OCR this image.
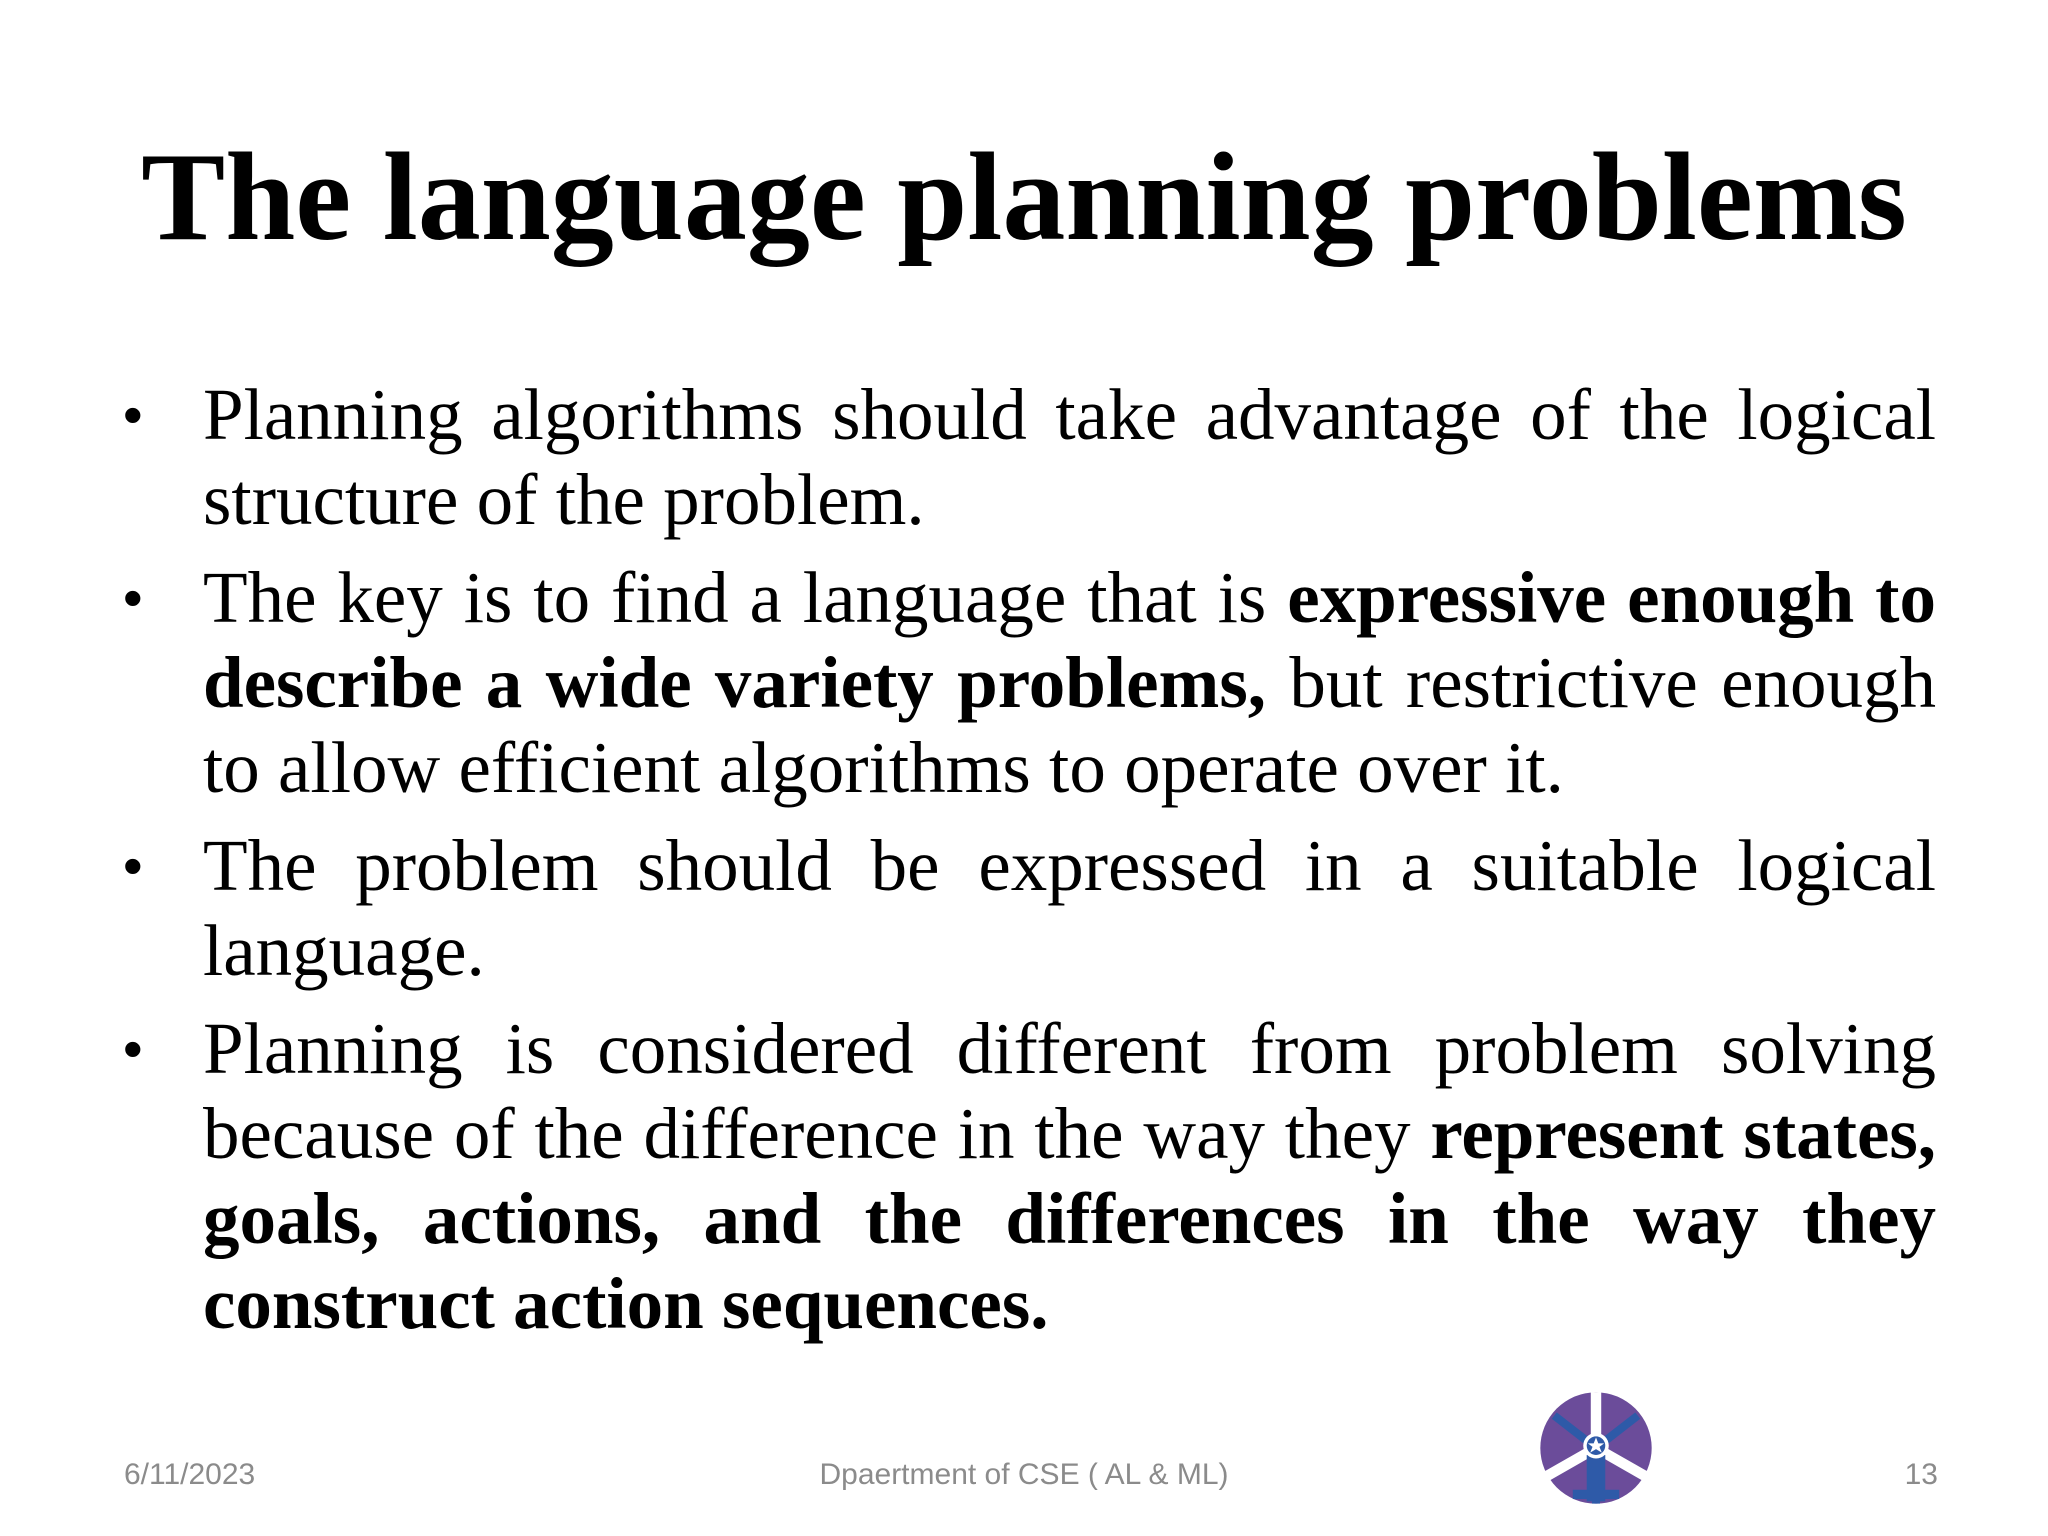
The language planning problems
• Planning algorithms should take advantage of the logical structure of the problem.
• The key is to find a language that is expressive enough to describe a wide variety problems, but restrictive enough to allow efficient algorithms to operate over it.
• The problem should be expressed in a suitable logical language.
• Planning is considered different from problem solving because of the difference in the way they represent states, goals, actions, and the differences in the way they construct action sequences.
6/11/2023	Dpaertment of CSE ( AL & ML)	13
